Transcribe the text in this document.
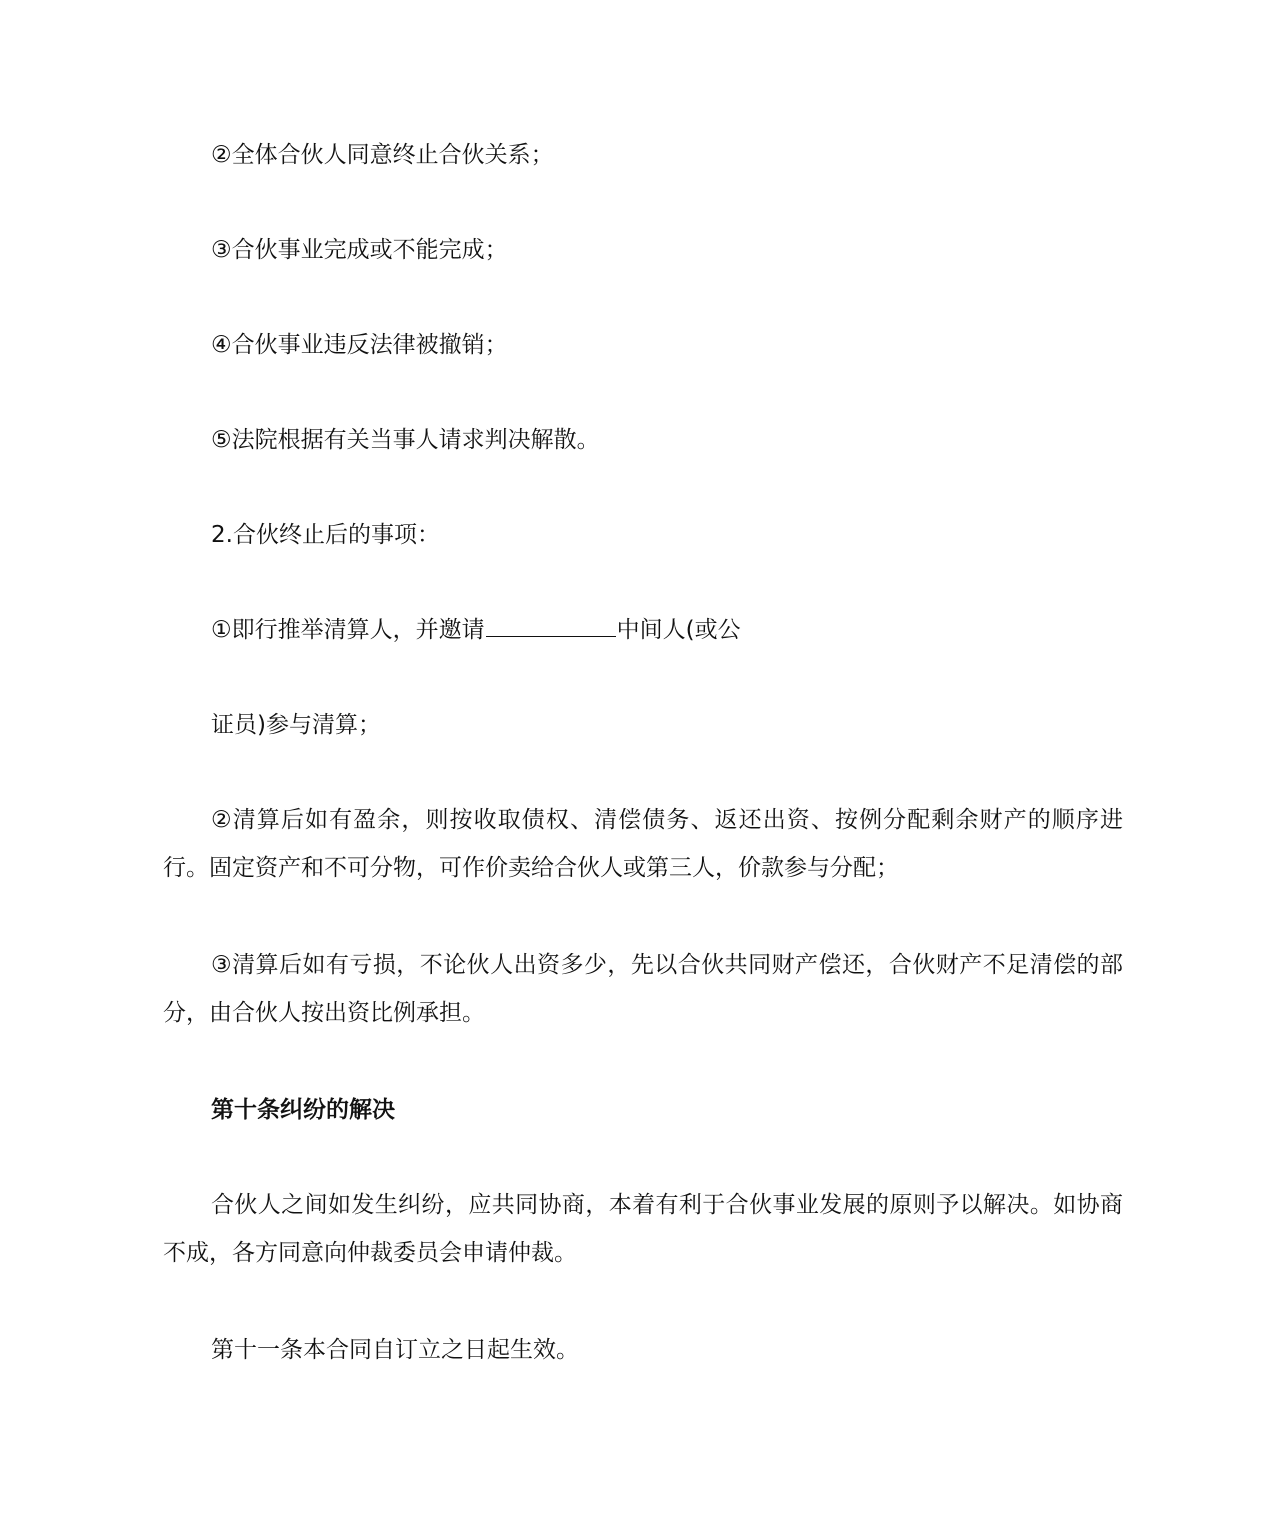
②全体合伙人同意终止合伙关系；
③合伙事业完成或不能完成；
④合伙事业违反法律被撤销；
⑤法院根据有关当事人请求判决解散。
2.合伙终止后的事项：
①即行推举清算人，并邀请	中间人(或公
证员)参与清算；
②清算后如有盈余，则按收取债权、清偿债务、返还出资、按例分配剩余财产的顺序进行。固定资产和不可分物，可作价卖给合伙人或第三人，价款参与分配；
③清算后如有亏损，不论伙人出资多少，先以合伙共同财产偿还，合伙财产不足清偿的部分，由合伙人按出资比例承担。
第十条纠纷的解决
合伙人之间如发生纠纷，应共同协商，本着有利于合伙事业发展的原则予以解决。如协商不成，各方同意向仲裁委员会申请仲裁。
第十一条本合同自订立之日起生效。
